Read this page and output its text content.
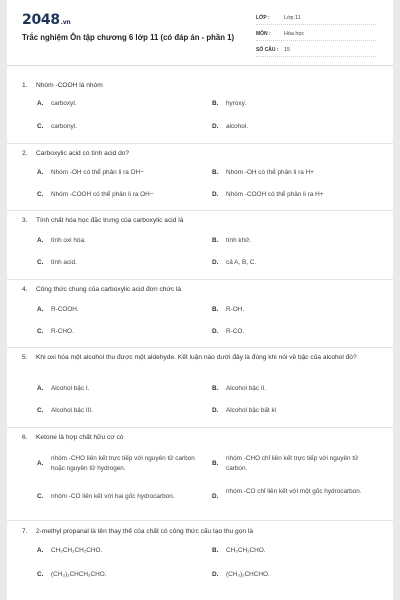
2048.vn
Trắc nghiệm Ôn tập chương 6 lớp 11 (có đáp án - phần 1)
LỚP :	Lớp 11
MÔN :	Hóa học
SỐ CÂU :	15
1.	Nhóm -COOH là nhóm
A.	carboxyl.	B.	hyroxy.
C.	carbonyl.	D.	alcohol.
2.	Carboxylic acid có tính acid do?
A.	Nhóm -OH có thể phân li ra OH−	B.	Nhóm -OH có thể phân li ra H+
C.	Nhóm -COOH có thể phân li ra OH−	D.	Nhóm -COOH có thể phân li ra H+
3.	Tính chất hóa học đặc trưng của carboxylic acid là
A.	tính oxi hóa.	B.	tính khử.
C.	tính acid.	D.	cả A, B, C.
4.	Công thức chung của carboxylic acid đơn chức là
A.	R-COOH.	B.	R-OH.
C.	R-CHO.	D.	R-CO.
5.	Khi oxi hóa một alcohol thu được một aldehyde. Kết luận nào dưới đây là đúng khi nói về bậc của alcohol đó?
A.	Alcohol bậc I.	B.	Alcohol bậc II.
C.	Alcohol bậc III.	D.	Alcohol bậc bất kì
6.	Ketone là hợp chất hữu cơ có
A.
nhóm -CHO liên kết trực tiếp với nguyên tử carbon hoặc nguyên tử hydrogen.
B.
nhóm -CHO chỉ liên kết trực tiếp với nguyên tử carbon.
C.	nhóm -CO liên kết với hai gốc hydrocarbon.	D.
nhóm -CO chỉ liên kết với một gốc hydrocarbon.
7.	2-methyl propanal là tên thay thế của chất có công thức cấu tạo thu gọn là
A.	CH₃CH₂CH₂CHO.	B.	CH₃CH₂CHO.
C.	(CH₃)₂CHCH₂CHO.	D.	(CH₃)₂CHCHO.
